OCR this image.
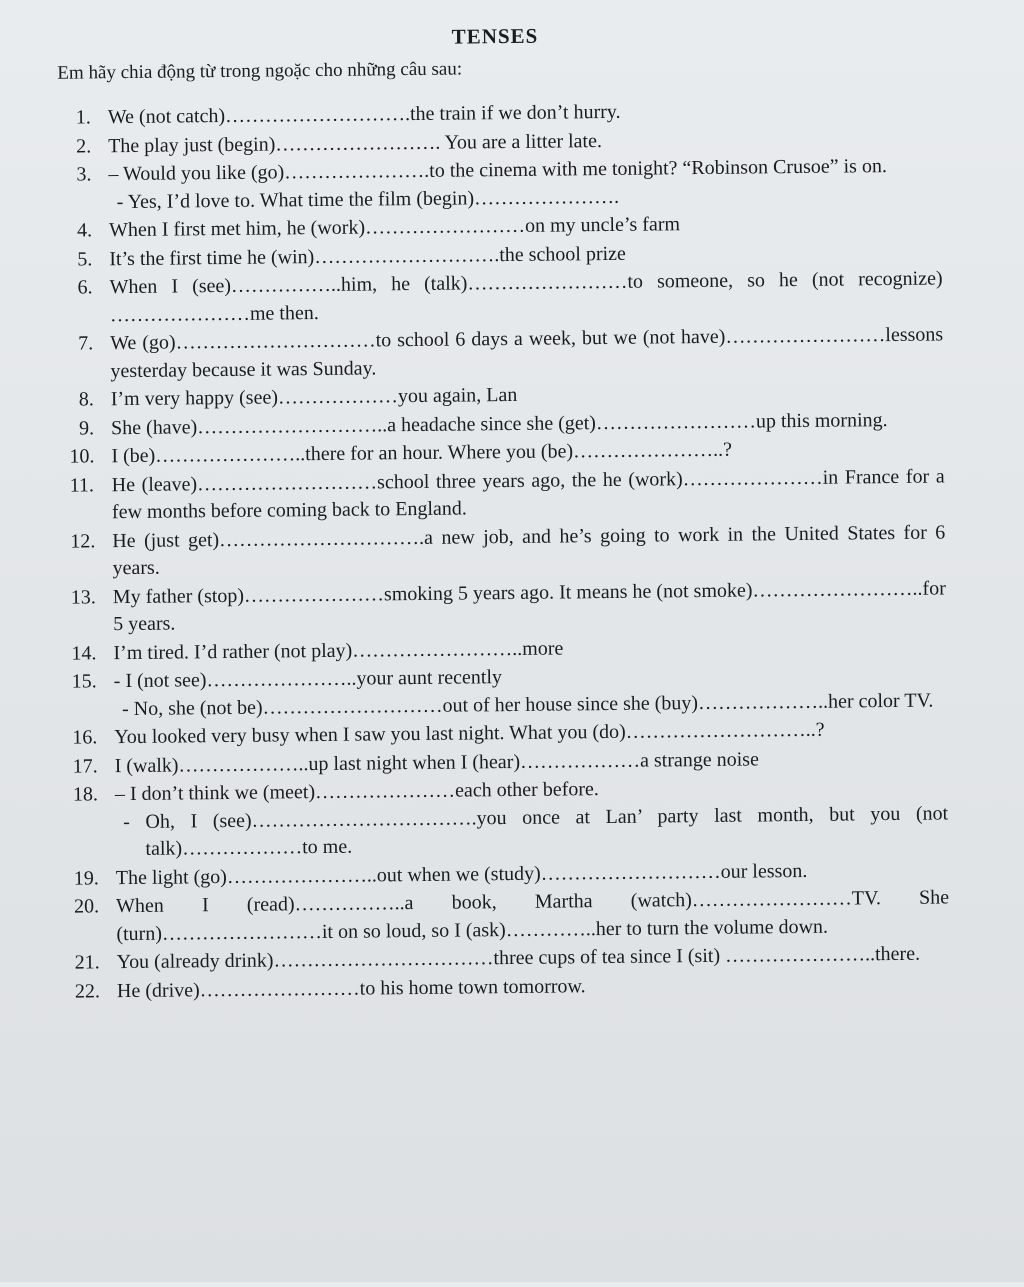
TENSES
Em hãy chia động từ trong ngoặc cho những câu sau:
1. We (not catch)……………………….the train if we don’t hurry.
2. The play just (begin)……………………. You are a litter late.
3. – Would you like (go)………………….to the cinema with me tonight? “Robinson Crusoe” is on.
- Yes, I’d love to. What time the film (begin)………………….
4. When I first met him, he (work)……………………on my uncle’s farm
5. It’s the first time he (win)……………………….the school prize
6. When I (see)……………..him, he (talk)……………………to someone, so he (not recognize) …………………me then.
7. We (go)…………………………to school 6 days a week, but we (not have)……………………lessons yesterday because it was Sunday.
8. I’m very happy (see)………………you again, Lan
9. She (have)………………………..a headache since she (get)……………………up this morning.
10. I (be)…………………..there for an hour. Where you (be)…………………..?
11. He (leave)………………………school three years ago, the he (work)…………………in France for a few months before coming back to England.
12. He (just get)………………………….a new job, and he’s going to work in the United States for 6 years.
13. My father (stop)…………………smoking 5 years ago. It means he (not smoke)……………………..for 5 years.
14. I’m tired. I’d rather (not play)……………………..more
15. - I (not see)…………………..your aunt recently
- No, she (not be)………………………out of her house since she (buy)………………..her color TV.
16. You looked very busy when I saw you last night. What you (do)………………………..?
17. I (walk)………………..up last night when I (hear)………………a strange noise
18. – I don’t think we (meet)…………………each other before.
- Oh, I (see)…………………………….you once at Lan’ party last month, but you (not talk)………………to me.
19. The light (go)…………………..out when we (study)………………………our lesson.
20. When I (read)……………..a book, Martha (watch)……………………TV. She (turn)……………………it on so loud, so I (ask)…………..her to turn the volume down.
21. You (already drink)……………………………three cups of tea since I (sit) …………………..there.
22. He (drive)……………………to his home town tomorrow.
